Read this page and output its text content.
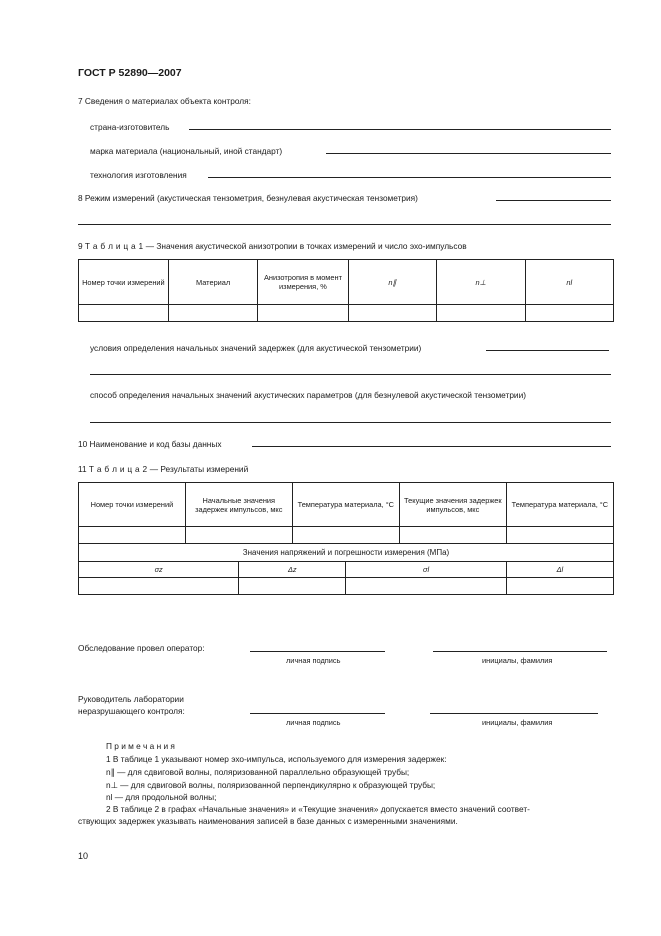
ГОСТ Р 52890—2007
7 Сведения о материалах объекта контроля:
страна-изготовитель
марка материала (национальный, иной стандарт)
технология изготовления
8 Режим измерений (акустическая тензометрия, безнулевая акустическая тензометрия)
9 Т а б л и ц а 1 — Значения акустической анизотропии в точках измерений и число эхо-импульсов
Номер точки измерений	Материал	Анизотропия в момент измерения, %	n∥	n⊥	nl

условия определения начальных значений задержек (для акустической тензометрии)
способ определения начальных значений акустических параметров (для безнулевой акустической тензометрии)
10 Наименование и код базы данных
11 Т а б л и ц а 2 — Результаты измерений
Номер точки измерений	Начальные значения задержек импульсов, мкс		Температура материала, °С		Текущие значения задержек импульсов, мкс	Температура материала, °С

Значения напряжений и погрешности измерения (МПа)						
σz		Δz		σl		Δl

Обследование провел оператор:
личная подпись	инициалы, фамилия
Руководитель лаборатории
неразрушающего контроля:
личная подпись	инициалы, фамилия
П р и м е ч а н и я
1 В таблице 1 указывают номер эхо-импульса, используемого для измерения задержек:
n∥ — для сдвиговой волны, поляризованной параллельно образующей трубы;
n⊥ — для сдвиговой волны, поляризованной перпендикулярно к образующей трубы;
nl — для продольной волны;
2 В таблице 2 в графах «Начальные значения» и «Текущие значения» допускается вместо значений соответ-
ствующих задержек указывать наименования записей в базе данных с измеренными значениями.
10
